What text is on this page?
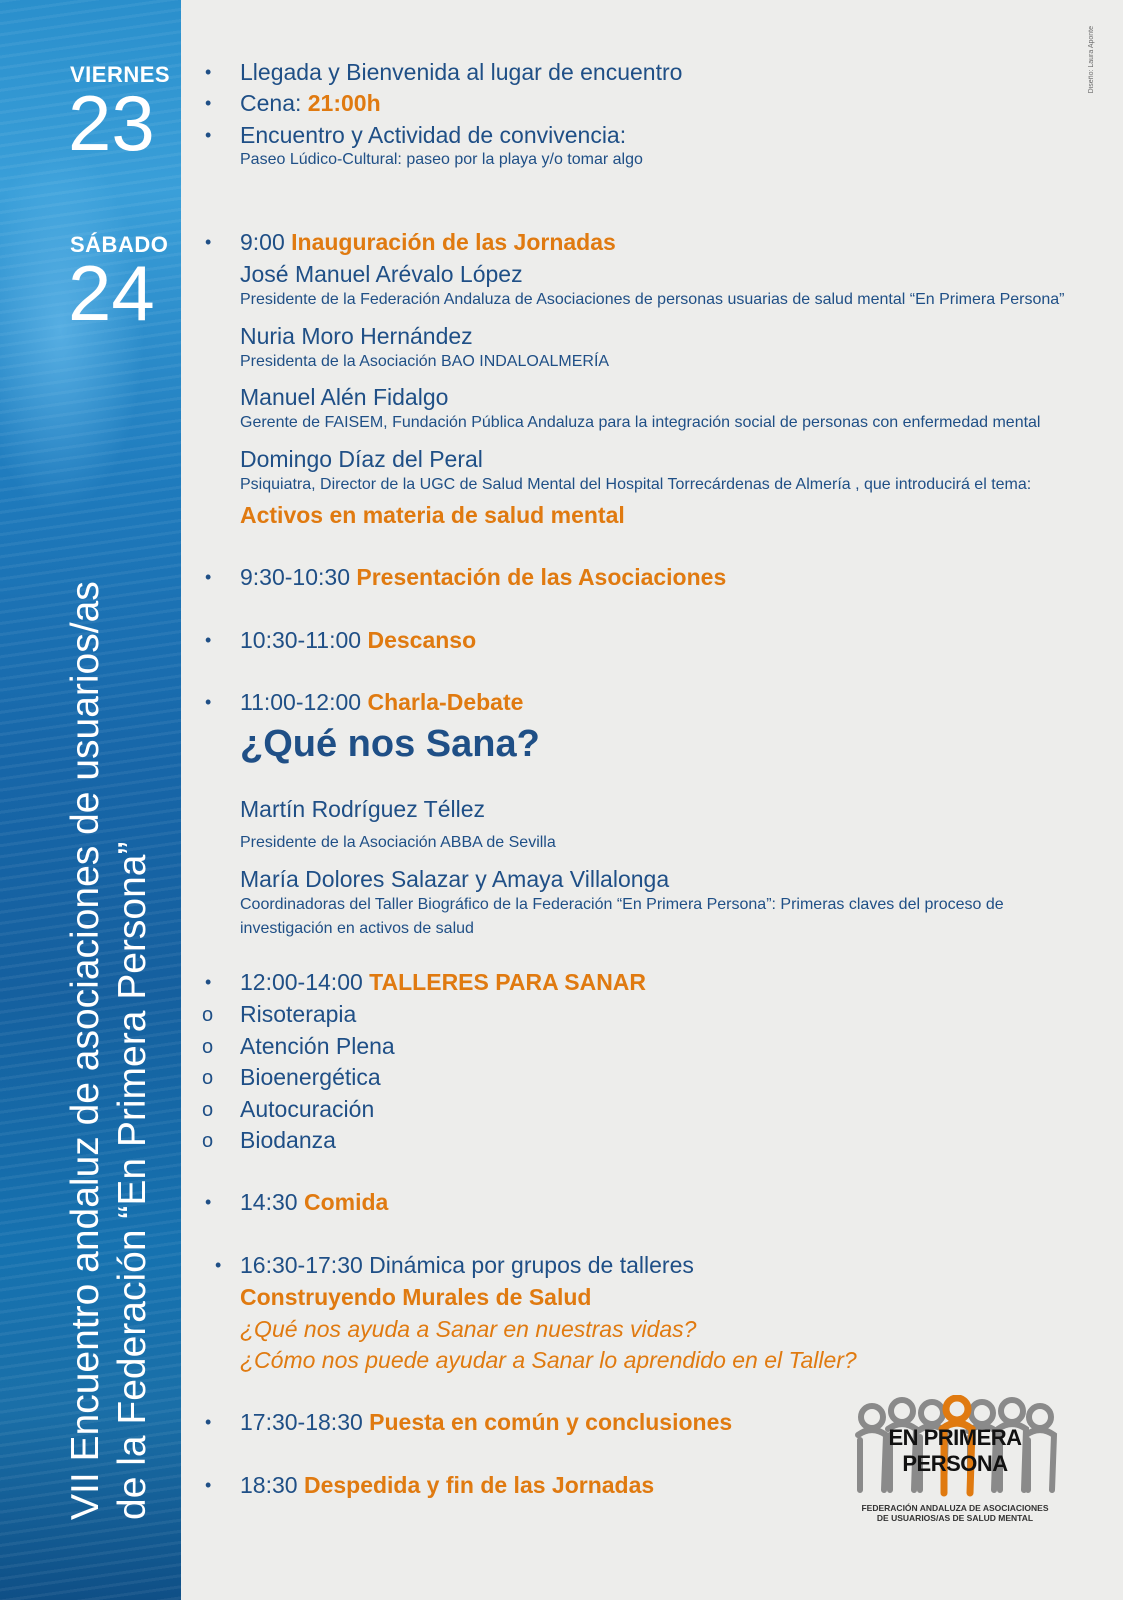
VIERNES
23
SÁBADO
24
VII Encuentro andaluz de asociaciones de usuarios/as de la Federación “En Primera Persona”
Diseño: Laura Aponte
• Llegada y Bienvenida al lugar de encuentro
• Cena: 21:00h
• Encuentro y Actividad de convivencia:
Paseo Lúdico-Cultural: paseo por la playa y/o tomar algo
• 9:00 Inauguración de las Jornadas
José Manuel Arévalo López
Presidente de la Federación Andaluza de Asociaciones de personas usuarias de salud mental “En Primera Persona”
Nuria Moro Hernández
Presidenta de la Asociación BAO INDALOALMERÍA
Manuel Alén Fidalgo
Gerente de FAISEM, Fundación Pública Andaluza para la integración social de personas con enfermedad mental
Domingo Díaz del Peral
Psiquiatra, Director de la UGC de Salud Mental del Hospital Torrecárdenas de Almería , que introducirá el tema:
Activos en materia de salud mental
• 9:30-10:30 Presentación de las Asociaciones
• 10:30-11:00 Descanso
• 11:00-12:00 Charla-Debate
¿Qué nos Sana?
Martín Rodríguez Téllez
Presidente de la Asociación ABBA de Sevilla
María Dolores Salazar y Amaya Villalonga
Coordinadoras del Taller Biográfico de la Federación “En Primera Persona”: Primeras claves del proceso de
investigación en activos de salud
• 12:00-14:00 TALLERES PARA SANAR
o Risoterapia
o Atención Plena
o Bioenergética
o Autocuración
o Biodanza
• 14:30 Comida
• 16:30-17:30 Dinámica por grupos de talleres
Construyendo Murales de Salud
¿Qué nos ayuda a Sanar en nuestras vidas?
¿Cómo nos puede ayudar a Sanar lo aprendido en el Taller?
• 17:30-18:30 Puesta en común y conclusiones
• 18:30 Despedida y fin de las Jornadas
EN PRIMERA PERSONA
FEDERACIÓN ANDALUZA DE ASOCIACIONES
DE USUARIOS/AS DE SALUD MENTAL
